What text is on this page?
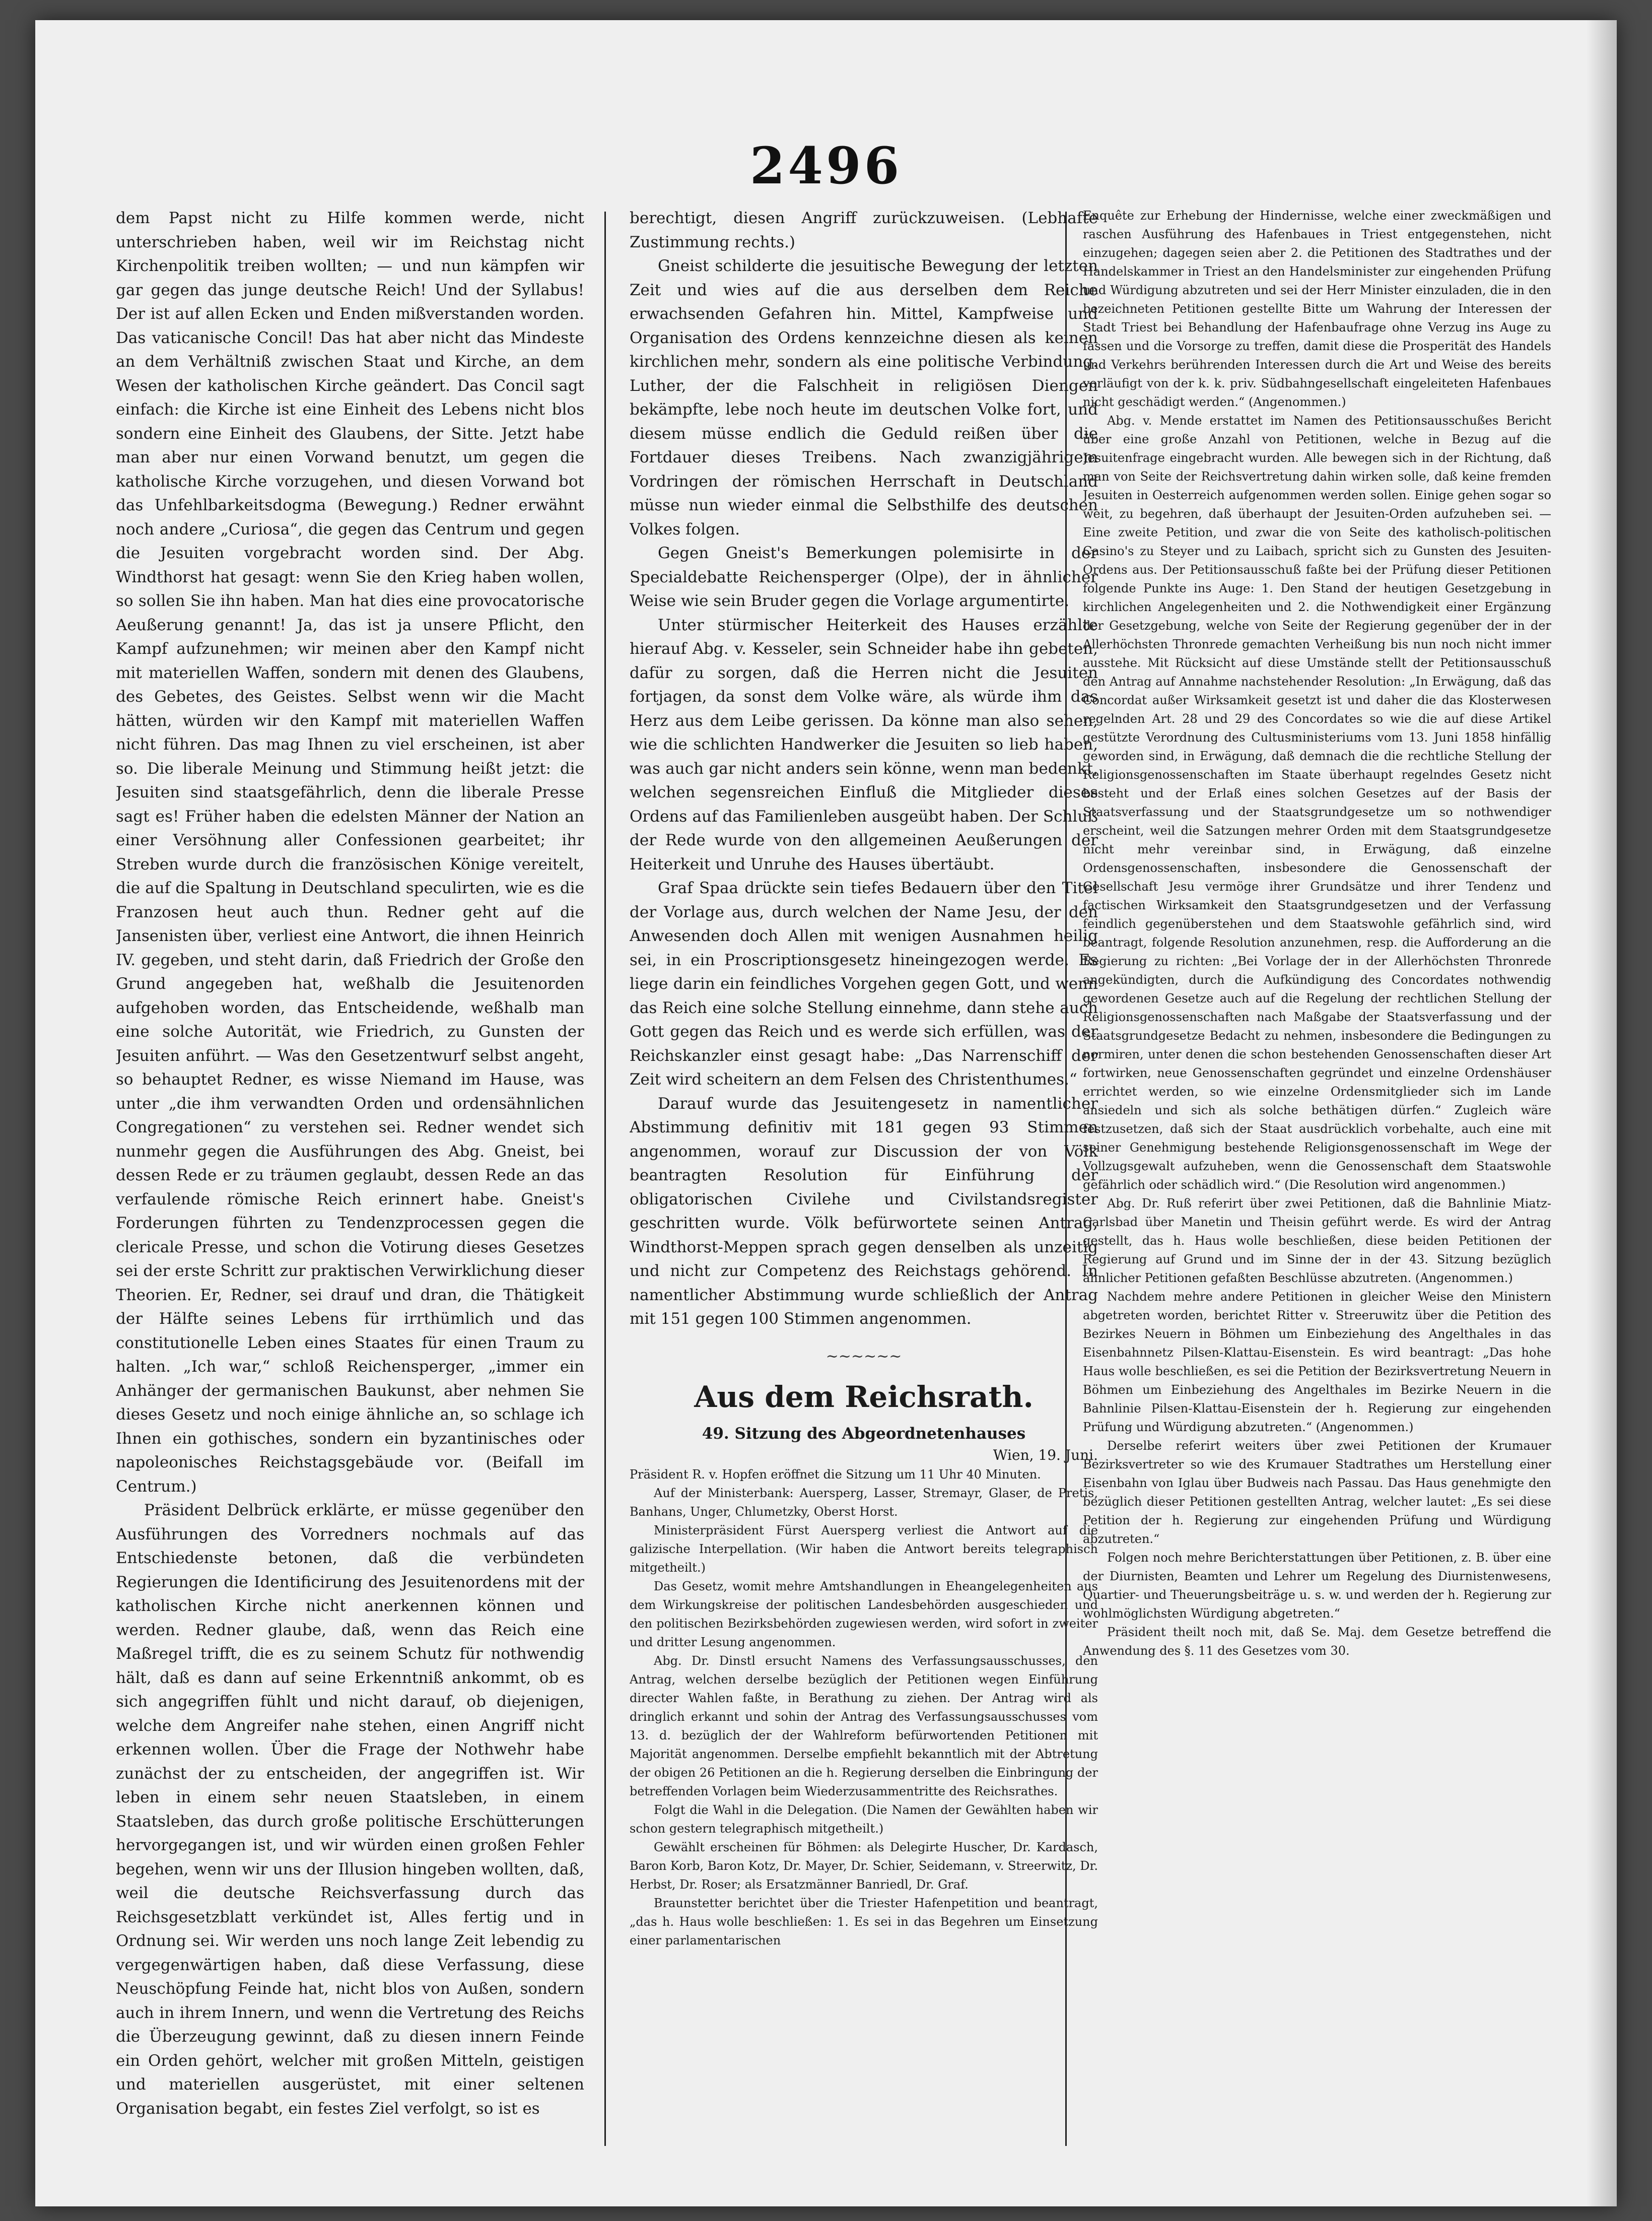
2496

dem Papst nicht zu Hilfe kommen werde, nicht unterschrieben haben, weil wir im Reichstag nicht Kirchenpolitik treiben wollten; — und nun kämpfen wir gar gegen das junge deutsche Reich! Und der Syllabus! Der ist auf allen Ecken und Enden mißverstanden worden. Das vaticanische Concil! Das hat aber nicht das Mindeste an dem Verhältniß zwischen Staat und Kirche, an dem Wesen der katholischen Kirche geändert. Das Concil sagt einfach: die Kirche ist eine Einheit des Lebens nicht blos sondern eine Einheit des Glaubens, der Sitte. Jetzt habe man aber nur einen Vorwand benutzt, um gegen die katholische Kirche vorzugehen, und diesen Vorwand bot das Unfehlbarkeitsdogma (Bewegung.) Redner erwähnt noch andere „Curiosa“, die gegen das Centrum und gegen die Jesuiten vorgebracht worden sind. Der Abg. Windthorst hat gesagt: wenn Sie den Krieg haben wollen, so sollen Sie ihn haben. Man hat dies eine provocatorische Aeußerung genannt! Ja, das ist ja unsere Pflicht, den Kampf aufzunehmen; wir meinen aber den Kampf nicht mit materiellen Waffen, sondern mit denen des Glaubens, des Gebetes, des Geistes. Selbst wenn wir die Macht hätten, würden wir den Kampf mit materiellen Waffen nicht führen. Das mag Ihnen zu viel erscheinen, ist aber so. Die liberale Meinung und Stimmung heißt jetzt: die Jesuiten sind staatsgefährlich, denn die liberale Presse sagt es! Früher haben die edelsten Männer der Nation an einer Versöhnung aller Confessionen gearbeitet; ihr Streben wurde durch die französischen Könige vereitelt, die auf die Spaltung in Deutschland speculirten, wie es die Franzosen heut auch thun. Redner geht auf die Jansenisten über, verliest eine Antwort, die ihnen Heinrich IV. gegeben, und steht darin, daß Friedrich der Große den Grund angegeben hat, weßhalb die Jesuitenorden aufgehoben worden, das Entscheidende, weßhalb man eine solche Autorität, wie Friedrich, zu Gunsten der Jesuiten anführt. — Was den Gesetzentwurf selbst angeht, so behauptet Redner, es wisse Niemand im Hause, was unter „die ihm verwandten Orden und ordensähnlichen Congregationen“ zu verstehen sei. Redner wendet sich nunmehr gegen die Ausführungen des Abg. Gneist, bei dessen Rede er zu träumen geglaubt, dessen Rede an das verfaulende römische Reich erinnert habe. Gneist's Forderungen führten zu Tendenzprocessen gegen die clericale Presse, und schon die Votirung dieses Gesetzes sei der erste Schritt zur praktischen Verwirklichung dieser Theorien. Er, Redner, sei drauf und dran, die Thätigkeit der Hälfte seines Lebens für irrthümlich und das constitutionelle Leben eines Staates für einen Traum zu halten. „Ich war,“ schloß Reichensperger, „immer ein Anhänger der germanischen Baukunst, aber nehmen Sie dieses Gesetz und noch einige ähnliche an, so schlage ich Ihnen ein gothisches, sondern ein byzantinisches oder napoleonisches Reichstagsgebäude vor. (Beifall im Centrum.)

Präsident Delbrück erklärte, er müsse gegenüber den Ausführungen des Vorredners nochmals auf das Entschiedenste betonen, daß die verbündeten Regierungen die Identificirung des Jesuitenordens mit der katholischen Kirche nicht anerkennen können und werden. Redner glaube, daß, wenn das Reich eine Maßregel trifft, die es zu seinem Schutz für nothwendig hält, daß es dann auf seine Erkenntniß ankommt, ob es sich angegriffen fühlt und nicht darauf, ob diejenigen, welche dem Angreifer nahe stehen, einen Angriff nicht erkennen wollen. Über die Frage der Nothwehr habe zunächst der zu entscheiden, der angegriffen ist. Wir leben in einem sehr neuen Staatsleben, in einem Staatsleben, das durch große politische Erschütterungen hervorgegangen ist, und wir würden einen großen Fehler begehen, wenn wir uns der Illusion hingeben wollten, daß, weil die deutsche Reichsverfassung durch das Reichsgesetzblatt verkündet ist, Alles fertig und in Ordnung sei. Wir werden uns noch lange Zeit lebendig zu vergegenwärtigen haben, daß diese Verfassung, diese Neuschöpfung Feinde hat, nicht blos von Außen, sondern auch in ihrem Innern, und wenn die Vertretung des Reichs die Überzeugung gewinnt, daß zu diesen innern Feinde ein Orden gehört, welcher mit großen Mitteln, geistigen und materiellen ausgerüstet, mit einer seltenen Organisation begabt, ein festes Ziel verfolgt, so ist es

berechtigt, diesen Angriff zurückzuweisen. (Lebhafte Zustimmung rechts.)

Gneist schilderte die jesuitische Bewegung der letzten Zeit und wies auf die aus derselben dem Reiche erwachsenden Gefahren hin. Mittel, Kampfweise und Organisation des Ordens kennzeichne diesen als keinen kirchlichen mehr, sondern als eine politische Verbindung. Luther, der die Falschheit in religiösen Diengen bekämpfte, lebe noch heute im deutschen Volke fort, und diesem müsse endlich die Geduld reißen über die Fortdauer dieses Treibens. Nach zwanzigjährigem Vordringen der römischen Herrschaft in Deutschland müsse nun wieder einmal die Selbsthilfe des deutschen Volkes folgen.

Gegen Gneist's Bemerkungen polemisirte in der Specialdebatte Reichensperger (Olpe), der in ähnlicher Weise wie sein Bruder gegen die Vorlage argumentirte.

Unter stürmischer Heiterkeit des Hauses erzählte hierauf Abg. v. Kesseler, sein Schneider habe ihn gebeten, dafür zu sorgen, daß die Herren nicht die Jesuiten fortjagen, da sonst dem Volke wäre, als würde ihm das Herz aus dem Leibe gerissen. Da könne man also sehen, wie die schlichten Handwerker die Jesuiten so lieb haben, was auch gar nicht anders sein könne, wenn man bedenkt, welchen segensreichen Einfluß die Mitglieder dieses Ordens auf das Familienleben ausgeübt haben. Der Schluß der Rede wurde von den allgemeinen Aeußerungen der Heiterkeit und Unruhe des Hauses übertäubt.

Graf Spaa drückte sein tiefes Bedauern über den Titel der Vorlage aus, durch welchen der Name Jesu, der den Anwesenden doch Allen mit wenigen Ausnahmen heilig sei, in ein Proscriptionsgesetz hineingezogen werde. Es liege darin ein feindliches Vorgehen gegen Gott, und wenn das Reich eine solche Stellung einnehme, dann stehe auch Gott gegen das Reich und es werde sich erfüllen, was der Reichskanzler einst gesagt habe: „Das Narrenschiff der Zeit wird scheitern an dem Felsen des Christenthumes.“

Darauf wurde das Jesuitengesetz in namentlicher Abstimmung definitiv mit 181 gegen 93 Stimmen angenommen, worauf zur Discussion der von Völk beantragten Resolution für Einführung der obligatorischen Civilehe und Civilstandsregister geschritten wurde. Völk befürwortete seinen Antrag, Windthorst-Meppen sprach gegen denselben als unzeitig und nicht zur Competenz des Reichstags gehörend. In namentlicher Abstimmung wurde schließlich der Antrag mit 151 gegen 100 Stimmen angenommen.

~~~~~~
Aus dem Reichsrath.
49. Sitzung des Abgeordnetenhauses
Wien, 19. Juni.

Präsident R. v. Hopfen eröffnet die Sitzung um 11 Uhr 40 Minuten.

Auf der Ministerbank: Auersperg, Lasser, Stremayr, Glaser, de Pretis, Banhans, Unger, Chlumetzky, Oberst Horst.

Ministerpräsident Fürst Auersperg verliest die Antwort auf die galizische Interpellation. (Wir haben die Antwort bereits telegraphisch mitgetheilt.)

Das Gesetz, womit mehre Amtshandlungen in Eheangelegenheiten aus dem Wirkungskreise der politischen Landesbehörden ausgeschieden und den politischen Bezirksbehörden zugewiesen werden, wird sofort in zweiter und dritter Lesung angenommen.

Abg. Dr. Dinstl ersucht Namens des Verfassungsausschusses, den Antrag, welchen derselbe bezüglich der Petitionen wegen Einführung directer Wahlen faßte, in Berathung zu ziehen. Der Antrag wird als dringlich erkannt und sohin der Antrag des Verfassungsausschusses vom 13. d. bezüglich der der Wahlreform befürwortenden Petitionen mit Majorität angenommen. Derselbe empfiehlt bekanntlich mit der Abtretung der obigen 26 Petitionen an die h. Regierung derselben die Einbringung der betreffenden Vorlagen beim Wiederzusammentritte des Reichsrathes.

Folgt die Wahl in die Delegation. (Die Namen der Gewählten haben wir schon gestern telegraphisch mitgetheilt.)

Gewählt erscheinen für Böhmen: als Delegirte Huscher, Dr. Kardasch, Baron Korb, Baron Kotz, Dr. Mayer, Dr. Schier, Seidemann, v. Streerwitz, Dr. Herbst, Dr. Roser; als Ersatzmänner Banriedl, Dr. Graf.

Braunstetter berichtet über die Triester Hafenpetition und beantragt, „das h. Haus wolle beschließen: 1. Es sei in das Begehren um Einsetzung einer parlamentarischen

Enquête zur Erhebung der Hindernisse, welche einer zweckmäßigen und raschen Ausführung des Hafenbaues in Triest entgegenstehen, nicht einzugehen; dagegen seien aber 2. die Petitionen des Stadtrathes und der Handelskammer in Triest an den Handelsminister zur eingehenden Prüfung und Würdigung abzutreten und sei der Herr Minister einzuladen, die in den bezeichneten Petitionen gestellte Bitte um Wahrung der Interessen der Stadt Triest bei Behandlung der Hafenbaufrage ohne Verzug ins Auge zu fassen und die Vorsorge zu treffen, damit diese die Prosperität des Handels und Verkehrs berührenden Interessen durch die Art und Weise des bereits vorläufigt von der k. k. priv. Südbahngesellschaft eingeleiteten Hafenbaues nicht geschädigt werden.“ (Angenommen.)

Abg. v. Mende erstattet im Namen des Petitionsausschußes Bericht über eine große Anzahl von Petitionen, welche in Bezug auf die Jesuitenfrage eingebracht wurden. Alle bewegen sich in der Richtung, daß man von Seite der Reichsvertretung dahin wirken solle, daß keine fremden Jesuiten in Oesterreich aufgenommen werden sollen. Einige gehen sogar so weit, zu begehren, daß überhaupt der Jesuiten-Orden aufzuheben sei. — Eine zweite Petition, und zwar die von Seite des katholisch-politischen Casino's zu Steyer und zu Laibach, spricht sich zu Gunsten des Jesuiten-Ordens aus. Der Petitionsausschuß faßte bei der Prüfung dieser Petitionen folgende Punkte ins Auge: 1. Den Stand der heutigen Gesetzgebung in kirchlichen Angelegenheiten und 2. die Nothwendigkeit einer Ergänzung der Gesetzgebung, welche von Seite der Regierung gegenüber der in der Allerhöchsten Thronrede gemachten Verheißung bis nun noch nicht immer ausstehe. Mit Rücksicht auf diese Umstände stellt der Petitionsausschuß den Antrag auf Annahme nachstehender Resolution: „In Erwägung, daß das Concordat außer Wirksamkeit gesetzt ist und daher die das Klosterwesen regelnden Art. 28 und 29 des Concordates so wie die auf diese Artikel gestützte Verordnung des Cultusministeriums vom 13. Juni 1858 hinfällig geworden sind, in Erwägung, daß demnach die die rechtliche Stellung der Religionsgenossenschaften im Staate überhaupt regelndes Gesetz nicht besteht und der Erlaß eines solchen Gesetzes auf der Basis der Staatsverfassung und der Staatsgrundgesetze um so nothwendiger erscheint, weil die Satzungen mehrer Orden mit dem Staatsgrundgesetze nicht mehr vereinbar sind, in Erwägung, daß einzelne Ordensgenossenschaften, insbesondere die Genossenschaft der Gesellschaft Jesu vermöge ihrer Grundsätze und ihrer Tendenz und factischen Wirksamkeit den Staatsgrundgesetzen und der Verfassung feindlich gegenüberstehen und dem Staatswohle gefährlich sind, wird beantragt, folgende Resolution anzunehmen, resp. die Aufforderung an die Regierung zu richten: „Bei Vorlage der in der Allerhöchsten Thronrede angekündigten, durch die Aufkündigung des Concordates nothwendig gewordenen Gesetze auch auf die Regelung der rechtlichen Stellung der Religionsgenossenschaften nach Maßgabe der Staatsverfassung und der Staatsgrundgesetze Bedacht zu nehmen, insbesondere die Bedingungen zu normiren, unter denen die schon bestehenden Genossenschaften dieser Art fortwirken, neue Genossenschaften gegründet und einzelne Ordenshäuser errichtet werden, so wie einzelne Ordensmitglieder sich im Lande ansiedeln und sich als solche bethätigen dürfen.“ Zugleich wäre festzusetzen, daß sich der Staat ausdrücklich vorbehalte, auch eine mit seiner Genehmigung bestehende Religionsgenossenschaft im Wege der Vollzugsgewalt aufzuheben, wenn die Genossenschaft dem Staatswohle gefährlich oder schädlich wird.“ (Die Resolution wird angenommen.)

Abg. Dr. Ruß referirt über zwei Petitionen, daß die Bahnlinie Miatz-Carlsbad über Manetin und Theisin geführt werde. Es wird der Antrag gestellt, das h. Haus wolle beschließen, diese beiden Petitionen der Regierung auf Grund und im Sinne der in der 43. Sitzung bezüglich ähnlicher Petitionen gefaßten Beschlüsse abzutreten. (Angenommen.)

Nachdem mehre andere Petitionen in gleicher Weise den Ministern abgetreten worden, berichtet Ritter v. Streeruwitz über die Petition des Bezirkes Neuern in Böhmen um Einbeziehung des Angelthales in das Eisenbahnnetz Pilsen-Klattau-Eisenstein. Es wird beantragt: „Das hohe Haus wolle beschließen, es sei die Petition der Bezirksvertretung Neuern in Böhmen um Einbeziehung des Angelthales im Bezirke Neuern in die Bahnlinie Pilsen-Klattau-Eisenstein der h. Regierung zur eingehenden Prüfung und Würdigung abzutreten.“ (Angenommen.)

Derselbe referirt weiters über zwei Petitionen der Krumauer Bezirksvertreter so wie des Krumauer Stadtrathes um Herstellung einer Eisenbahn von Iglau über Budweis nach Passau. Das Haus genehmigte den bezüglich dieser Petitionen gestellten Antrag, welcher lautet: „Es sei diese Petition der h. Regierung zur eingehenden Prüfung und Würdigung abzutreten.“

Folgen noch mehre Berichterstattungen über Petitionen, z. B. über eine der Diurnisten, Beamten und Lehrer um Regelung des Diurnistenwesens, Quartier- und Theuerungsbeiträge u. s. w. und werden der h. Regierung zur wohlmöglichsten Würdigung abgetreten.“

Präsident theilt noch mit, daß Se. Maj. dem Gesetze betreffend die Anwendung des §. 11 des Gesetzes vom 30.
